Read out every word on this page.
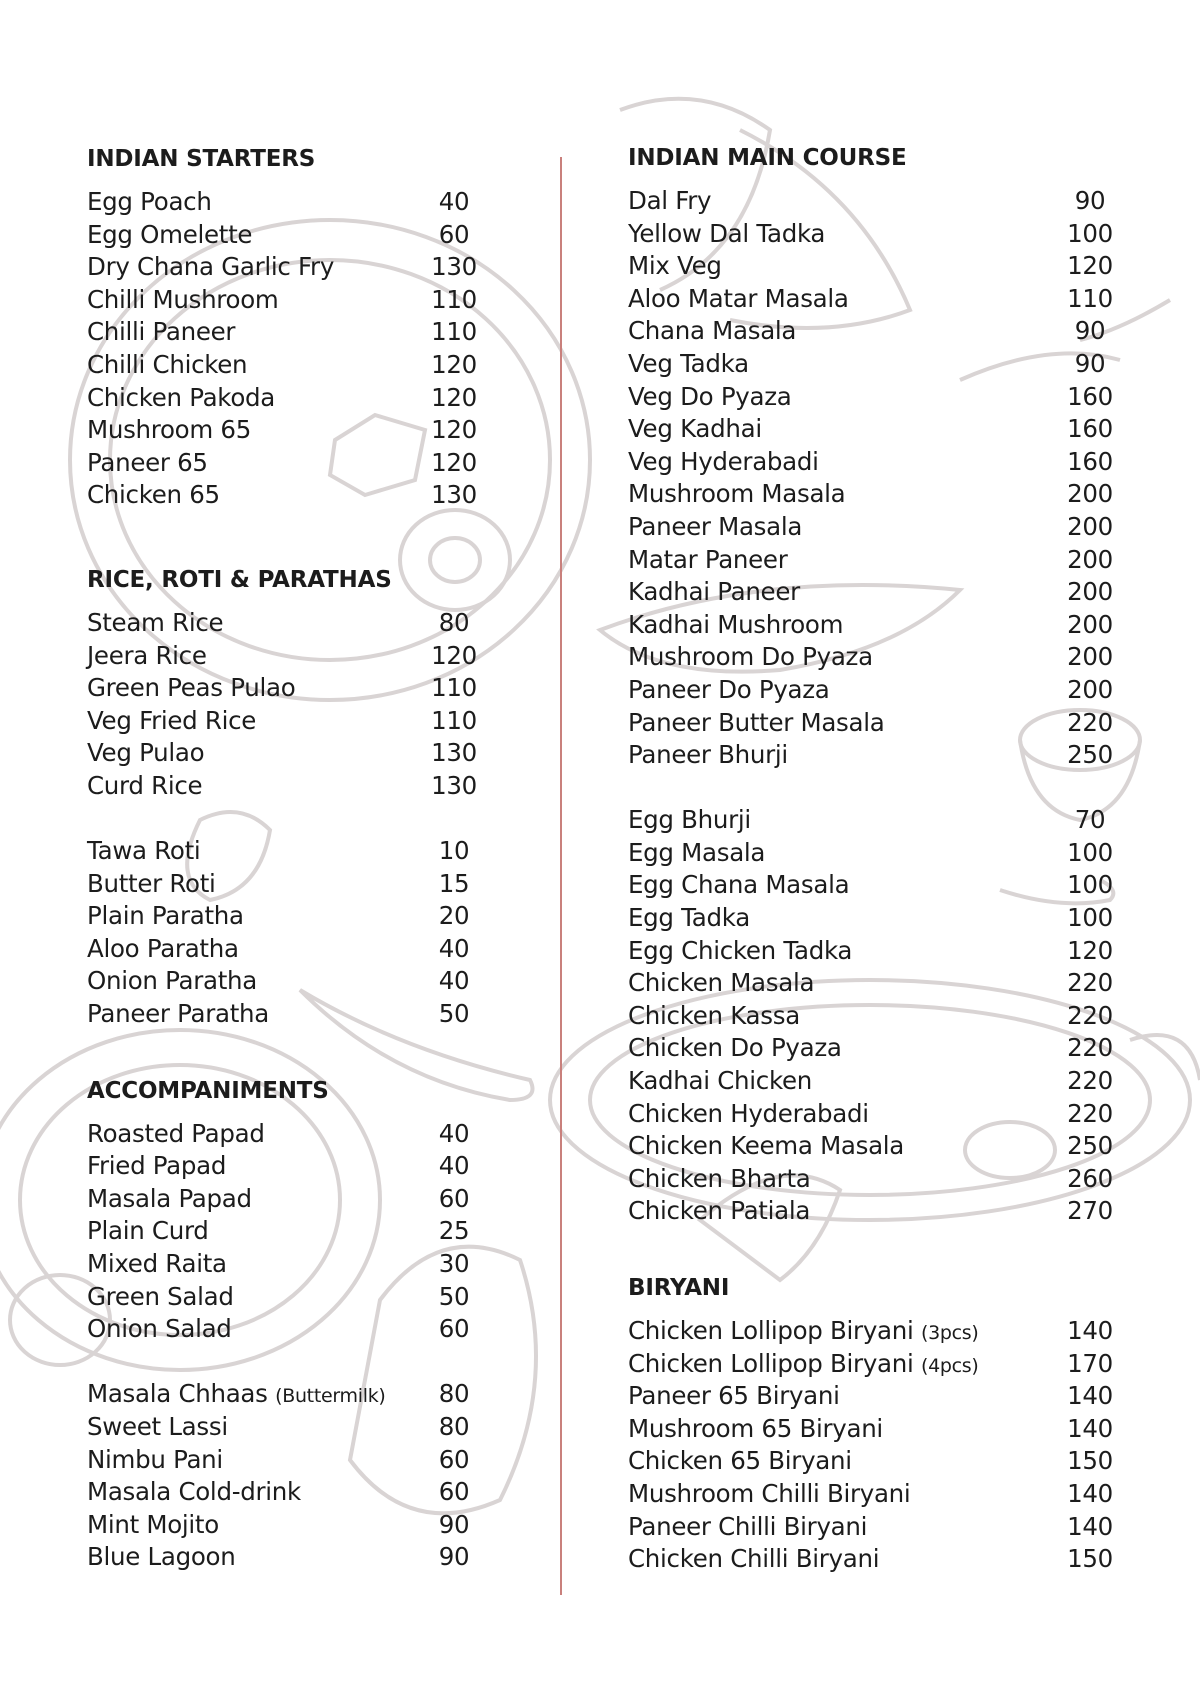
INDIAN STARTERS
Egg Poach	40
Egg Omelette	60
Dry Chana Garlic Fry	130
Chilli Mushroom	110
Chilli Paneer	110
Chilli Chicken	120
Chicken Pakoda	120
Mushroom 65	120
Paneer 65	120
Chicken 65	130
RICE, ROTI & PARATHAS
Steam Rice	80
Jeera Rice	120
Green Peas Pulao	110
Veg Fried Rice	110
Veg Pulao	130
Curd Rice	130
Tawa Roti	10
Butter Roti	15
Plain Paratha	20
Aloo Paratha	40
Onion Paratha	40
Paneer Paratha	50
ACCOMPANIMENTS
Roasted Papad	40
Fried Papad	40
Masala Papad	60
Plain Curd	25
Mixed Raita	30
Green Salad	50
Onion Salad	60
Masala Chhaas (Buttermilk)	80
Sweet Lassi	80
Nimbu Pani	60
Masala Cold-drink	60
Mint Mojito	90
Blue Lagoon	90
INDIAN MAIN COURSE
Dal Fry	90
Yellow Dal Tadka	100
Mix Veg	120
Aloo Matar Masala	110
Chana Masala	90
Veg Tadka	90
Veg Do Pyaza	160
Veg Kadhai	160
Veg Hyderabadi	160
Mushroom Masala	200
Paneer Masala	200
Matar Paneer	200
Kadhai Paneer	200
Kadhai Mushroom	200
Mushroom Do Pyaza	200
Paneer Do Pyaza	200
Paneer Butter Masala	220
Paneer Bhurji	250
Egg Bhurji	70
Egg Masala	100
Egg Chana Masala	100
Egg Tadka	100
Egg Chicken Tadka	120
Chicken Masala	220
Chicken Kassa	220
Chicken Do Pyaza	220
Kadhai Chicken	220
Chicken Hyderabadi	220
Chicken Keema Masala	250
Chicken Bharta	260
Chicken Patiala	270
BIRYANI
Chicken Lollipop Biryani (3pcs)	140
Chicken Lollipop Biryani (4pcs)	170
Paneer 65 Biryani	140
Mushroom 65 Biryani	140
Chicken 65 Biryani	150
Mushroom Chilli Biryani	140
Paneer Chilli Biryani	140
Chicken Chilli Biryani	150
